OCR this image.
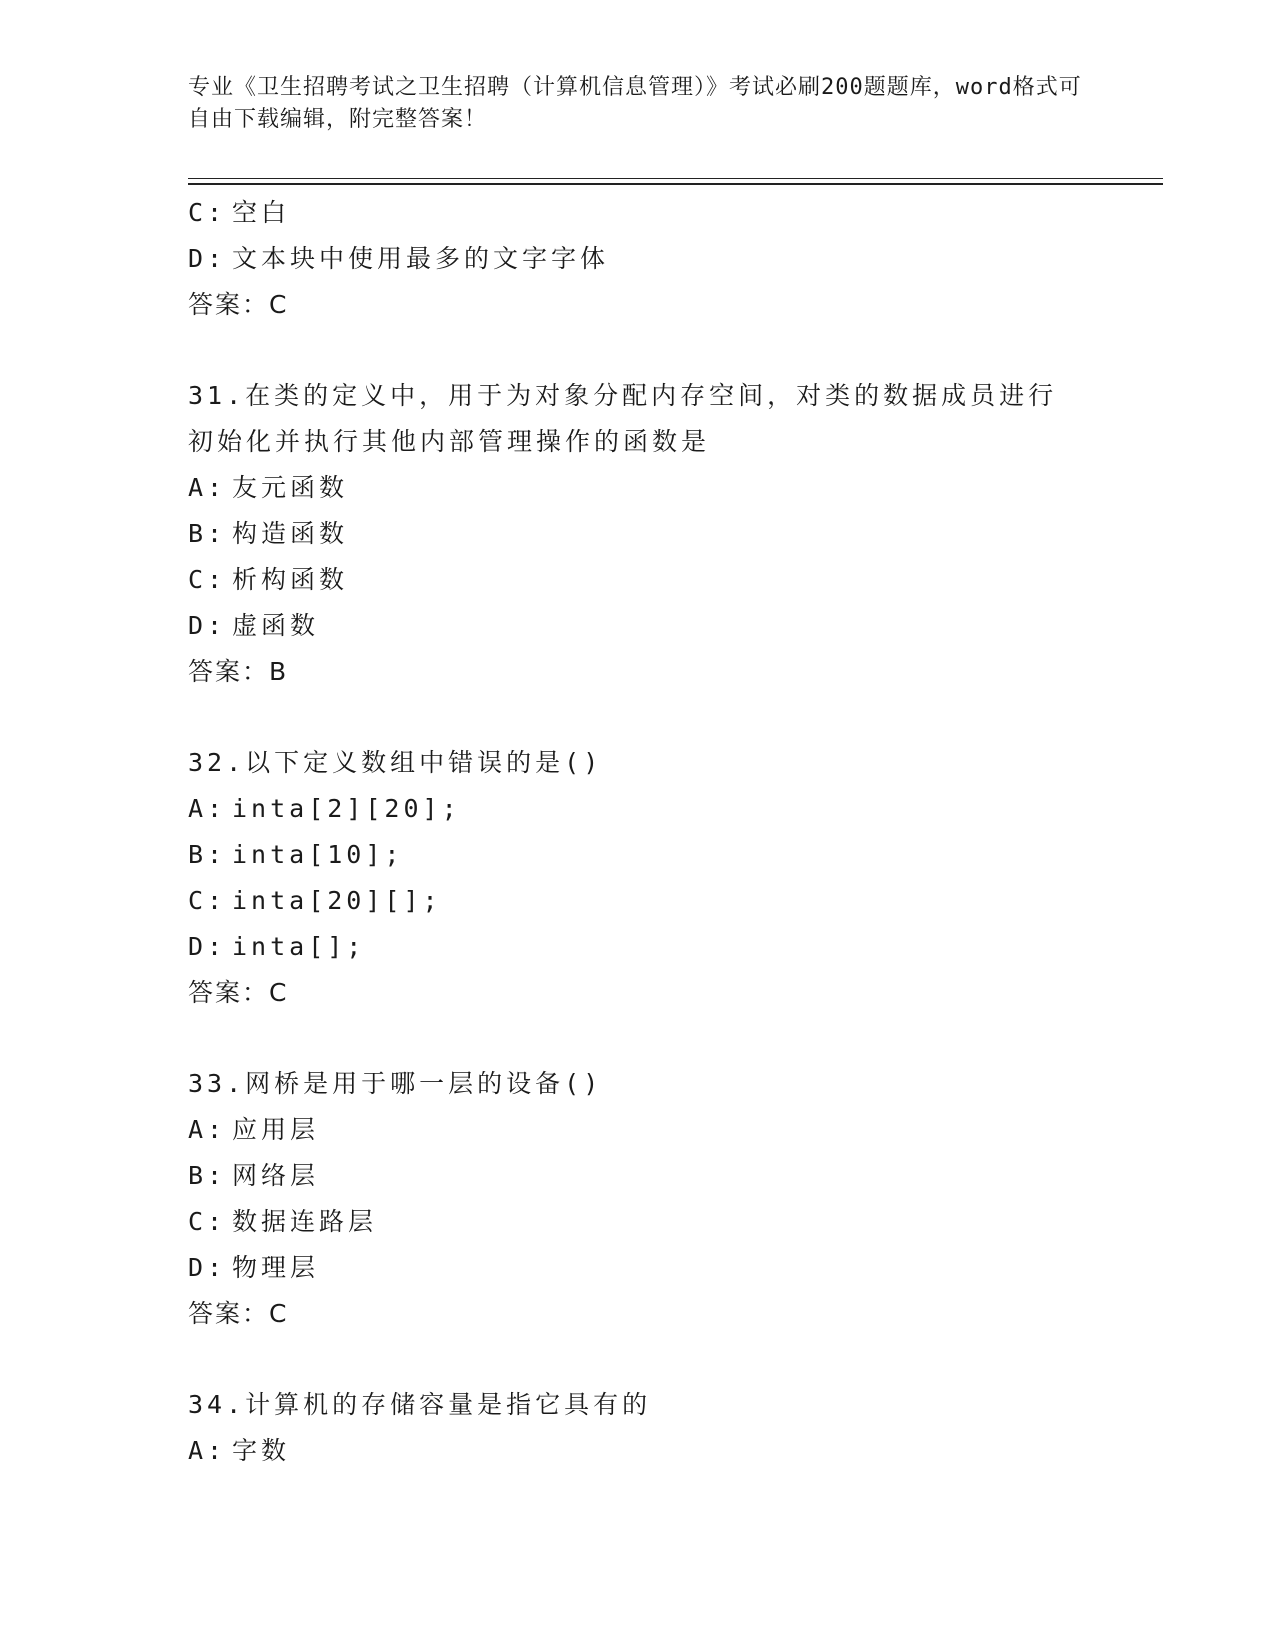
专业《卫生招聘考试之卫生招聘（计算机信息管理）》考试必刷200题题库，word格式可自由下载编辑，附完整答案！
C: 空白
D: 文本块中使用最多的文字字体
答案：C
31.在类的定义中，用于为对象分配内存空间，对类的数据成员进行初始化并执行其他内部管理操作的函数是
A: 友元函数
B: 构造函数
C: 析构函数
D: 虚函数
答案：B
32.以下定义数组中错误的是()
A: inta[2][20];
B: inta[10];
C: inta[20][];
D: inta[];
答案：C
33.网桥是用于哪一层的设备()
A: 应用层
B: 网络层
C: 数据连路层
D: 物理层
答案：C
34.计算机的存储容量是指它具有的
A: 字数
